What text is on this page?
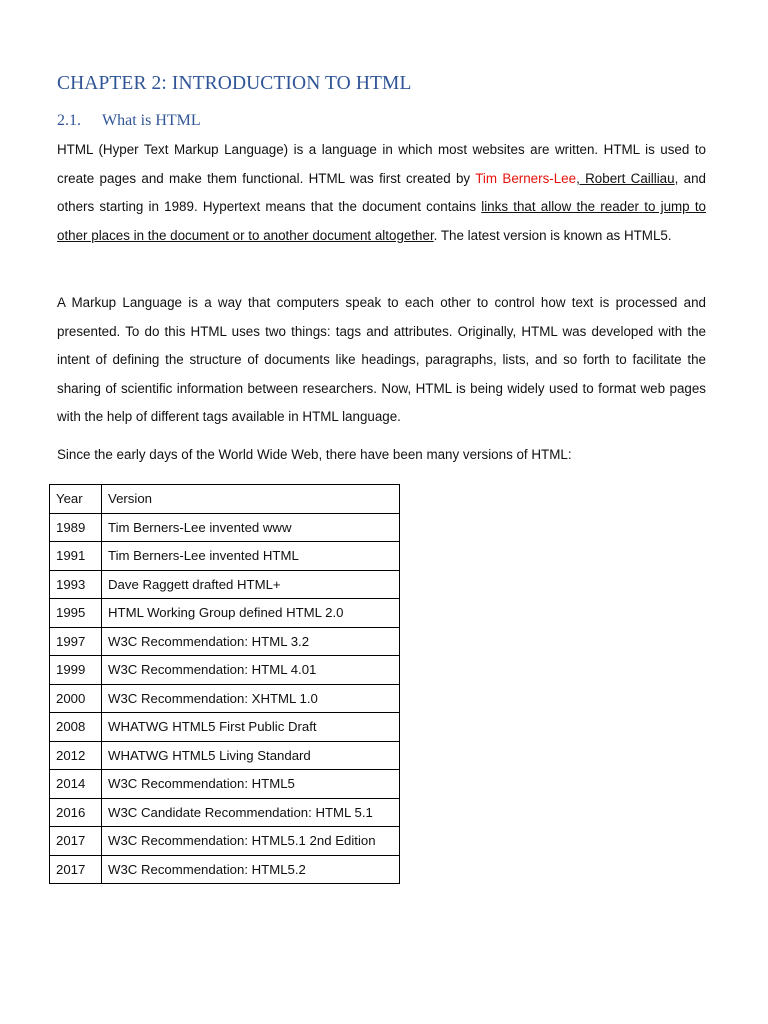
CHAPTER 2: INTRODUCTION TO HTML
2.1. What is HTML

HTML (Hyper Text Markup Language) is a language in which most websites are written. HTML is used to create pages and make them functional. HTML was first created by Tim Berners-Lee, Robert Cailliau, and others starting in 1989. Hypertext means that the document contains links that allow the reader to jump to other places in the document or to another document altogether. The latest version is known as HTML5.

A Markup Language is a way that computers speak to each other to control how text is processed and presented. To do this HTML uses two things: tags and attributes. Originally, HTML was developed with the intent of defining the structure of documents like headings, paragraphs, lists, and so forth to facilitate the sharing of scientific information between researchers. Now, HTML is being widely used to format web pages with the help of different tags available in HTML language.

Since the early days of the World Wide Web, there have been many versions of HTML:

Year	Version
1989	Tim Berners-Lee invented www
1991	Tim Berners-Lee invented HTML
1993	Dave Raggett drafted HTML+
1995	HTML Working Group defined HTML 2.0
1997	W3C Recommendation: HTML 3.2
1999	W3C Recommendation: HTML 4.01
2000	W3C Recommendation: XHTML 1.0
2008	WHATWG HTML5 First Public Draft
2012	WHATWG HTML5 Living Standard
2014	W3C Recommendation: HTML5
2016	W3C Candidate Recommendation: HTML 5.1
2017	W3C Recommendation: HTML5.1 2nd Edition
2017	W3C Recommendation: HTML5.2
